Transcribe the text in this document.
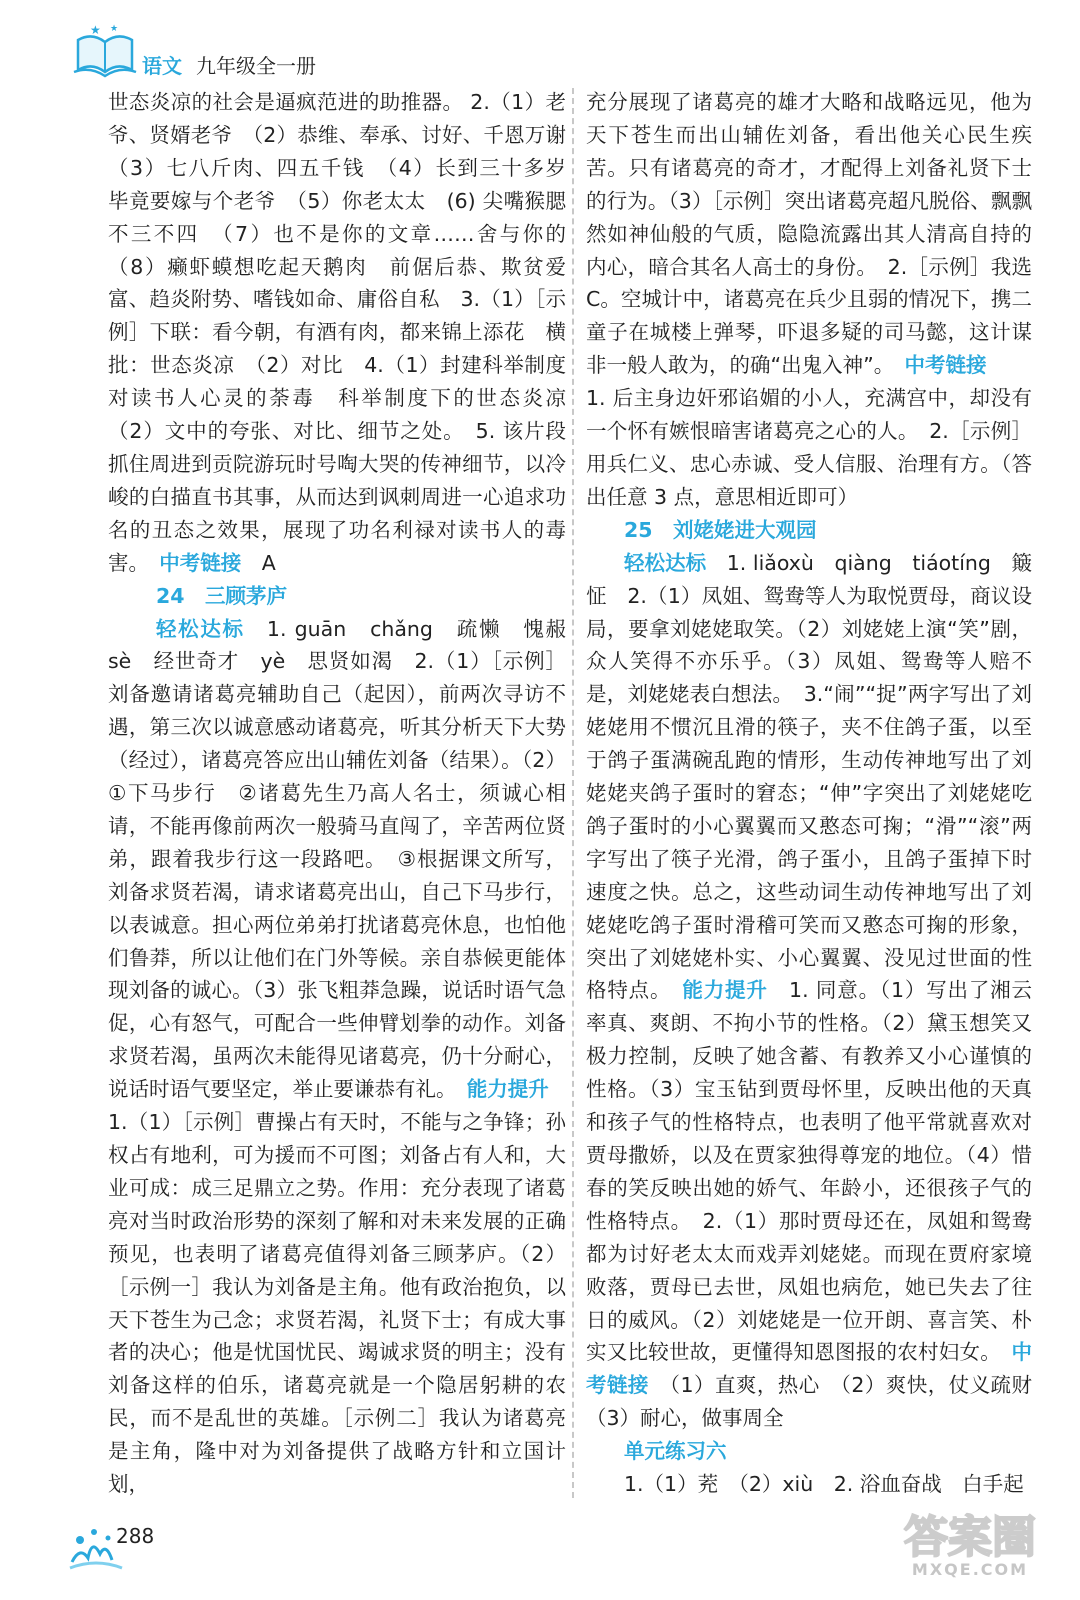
★ ★
语文 九年级全一册

世态炎凉的社会是逼疯范进的助推器。 2.（1）老爷、贤婿老爷　（2）恭维、奉承、讨好、千恩万谢　（3）七八斤肉、四五千钱　（4）长到三十多岁　毕竟要嫁与个老爷　（5）你老太太　(6) 尖嘴猴腮　不三不四　（7）也不是你的文章……舍与你的　（8）癞虾蟆想吃起天鹅肉　前倨后恭、欺贫爱富、趋炎附势、嗜钱如命、庸俗自私　3.（1）［示例］下联：看今朝，有酒有肉，都来锦上添花　横批：世态炎凉　（2）对比　4.（1）封建科举制度对读书人心灵的荼毒　科举制度下的世态炎凉　（2）文中的夸张、对比、细节之处。　5. 该片段抓住周进到贡院游玩时号啕大哭的传神细节，以冷峻的白描直书其事，从而达到讽刺周进一心追求功名的丑态之效果，展现了功名利禄对读书人的毒害。　中考链接　A

24　三顾茅庐

轻松达标　1. guān　chǎng　疏懒　愧赧　sè　经世奇才　yè　思贤如渴　2.（1）［示例］刘备邀请诸葛亮辅助自己（起因），前两次寻访不遇，第三次以诚意感动诸葛亮，听其分析天下大势（经过），诸葛亮答应出山辅佐刘备（结果）。（2）①下马步行　②诸葛先生乃高人名士，须诚心相请，不能再像前两次一般骑马直闯了，辛苦两位贤弟，跟着我步行这一段路吧。　③根据课文所写，刘备求贤若渴，请求诸葛亮出山，自己下马步行，以表诚意。担心两位弟弟打扰诸葛亮休息，也怕他们鲁莽，所以让他们在门外等候。亲自恭候更能体现刘备的诚心。（3）张飞粗莽急躁，说话时语气急促，心有怒气，可配合一些伸臂划拳的动作。刘备求贤若渴，虽两次未能得见诸葛亮，仍十分耐心，说话时语气要坚定，举止要谦恭有礼。　能力提升　1.（1）［示例］曹操占有天时，不能与之争锋；孙权占有地利，可为援而不可图；刘备占有人和，大业可成：成三足鼎立之势。作用：充分表现了诸葛亮对当时政治形势的深刻了解和对未来发展的正确预见，也表明了诸葛亮值得刘备三顾茅庐。（2）［示例一］我认为刘备是主角。他有政治抱负，以天下苍生为己念；求贤若渴，礼贤下士；有成大事者的决心；他是忧国忧民、竭诚求贤的明主；没有刘备这样的伯乐，诸葛亮就是一个隐居躬耕的农民，而不是乱世的英雄。［示例二］我认为诸葛亮是主角，隆中对为刘备提供了战略方针和立国计划，

充分展现了诸葛亮的雄才大略和战略远见，他为天下苍生而出山辅佐刘备，看出他关心民生疾苦。只有诸葛亮的奇才，才配得上刘备礼贤下士的行为。（3）［示例］突出诸葛亮超凡脱俗、飘飘然如神仙般的气质，隐隐流露出其人清高自持的内心，暗合其名人高士的身份。　2.［示例］我选C。空城计中，诸葛亮在兵少且弱的情况下，携二童子在城楼上弹琴，吓退多疑的司马懿，这计谋非一般人敢为，的确“出鬼入神”。　中考链接

1. 后主身边奸邪谄媚的小人，充满宫中，却没有一个怀有嫉恨暗害诸葛亮之心的人。　2.［示例］用兵仁义、忠心赤诚、受人信服、治理有方。（答出任意 3 点，意思相近即可）

25　刘姥姥进大观园

轻松达标　1. liǎoxù　qiàng　tiáotíng　簸怔　2.（1）凤姐、鸳鸯等人为取悦贾母，商议设局，要拿刘姥姥取笑。（2）刘姥姥上演“笑”剧，众人笑得不亦乐乎。（3）凤姐、鸳鸯等人赔不是，刘姥姥表白想法。　3.“闹”“捉”两字写出了刘姥姥用不惯沉且滑的筷子，夹不住鸽子蛋，以至于鸽子蛋满碗乱跑的情形，生动传神地写出了刘姥姥夹鸽子蛋时的窘态；“伸”字突出了刘姥姥吃鸽子蛋时的小心翼翼而又憨态可掬；“滑”“滚”两字写出了筷子光滑，鸽子蛋小，且鸽子蛋掉下时速度之快。总之，这些动词生动传神地写出了刘姥姥吃鸽子蛋时滑稽可笑而又憨态可掬的形象，突出了刘姥姥朴实、小心翼翼、没见过世面的性格特点。　能力提升　1. 同意。（1）写出了湘云率真、爽朗、不拘小节的性格。（2）黛玉想笑又极力控制，反映了她含蓄、有教养又小心谨慎的性格。（3）宝玉钻到贾母怀里，反映出他的天真和孩子气的性格特点，也表明了他平常就喜欢对贾母撒娇，以及在贾家独得尊宠的地位。（4）惜春的笑反映出她的娇气、年龄小，还很孩子气的性格特点。　2.（1）那时贾母还在，凤姐和鸳鸯都为讨好老太太而戏弄刘姥姥。而现在贾府家境败落，贾母已去世，凤姐也病危，她已失去了往日的威风。（2）刘姥姥是一位开朗、喜言笑、朴实又比较世故，更懂得知恩图报的农村妇女。　中考链接　（1）直爽，热心　（2）爽快，仗义疏财　（3）耐心，做事周全

单元练习六

1.（1）茺　（2）xiù　2. 浴血奋战　白手起

288	答案圈
MXQE.COM
